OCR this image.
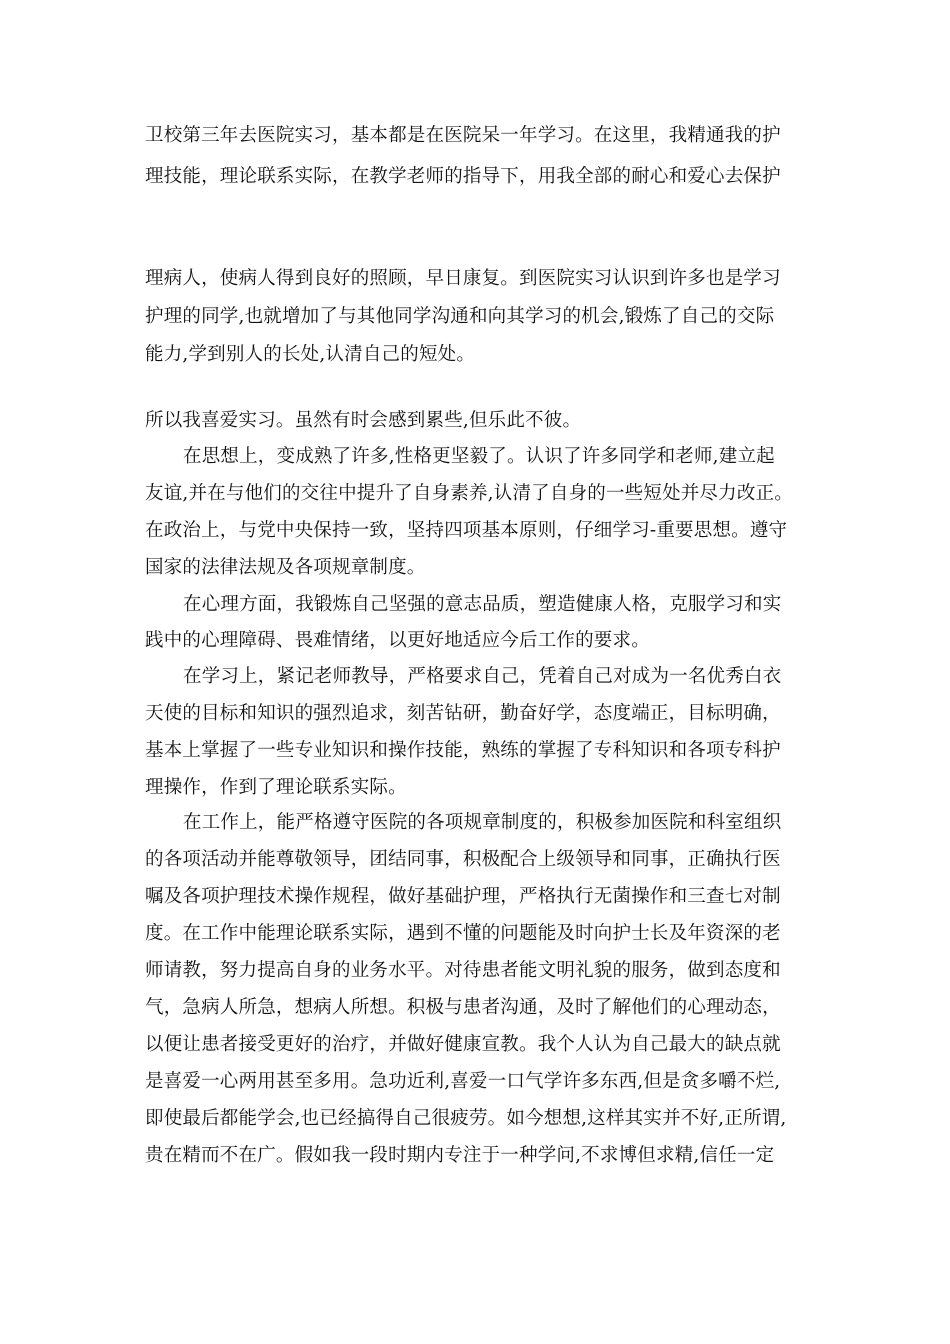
卫校第三年去医院实习，基本都是在医院呆一年学习。在这里，我精通我的护
理技能，理论联系实际，在教学老师的指导下，用我全部的耐心和爱心去保护
理病人，使病人得到良好的照顾，早日康复。到医院实习认识到许多也是学习
护理的同学,也就增加了与其他同学沟通和向其学习的机会,锻炼了自己的交际
能力,学到别人的长处,认清自己的短处。
所以我喜爱实习。虽然有时会感到累些,但乐此不彼。
在思想上，变成熟了许多,性格更坚毅了。认识了许多同学和老师,建立起
友谊,并在与他们的交往中提升了自身素养,认清了自身的一些短处并尽力改正。
在政治上，与党中央保持一致，坚持四项基本原则，仔细学习-重要思想。遵守
国家的法律法规及各项规章制度。
在心理方面，我锻炼自己坚强的意志品质，塑造健康人格，克服学习和实
践中的心理障碍、畏难情绪，以更好地适应今后工作的要求。
在学习上，紧记老师教导，严格要求自己，凭着自己对成为一名优秀白衣
天使的目标和知识的强烈追求，刻苦钻研，勤奋好学，态度端正，目标明确，
基本上掌握了一些专业知识和操作技能，熟练的掌握了专科知识和各项专科护
理操作，作到了理论联系实际。
在工作上，能严格遵守医院的各项规章制度的，积极参加医院和科室组织
的各项活动并能尊敬领导，团结同事，积极配合上级领导和同事，正确执行医
嘱及各项护理技术操作规程，做好基础护理，严格执行无菌操作和三查七对制
度。在工作中能理论联系实际，遇到不懂的问题能及时向护士长及年资深的老
师请教，努力提高自身的业务水平。对待患者能文明礼貌的服务，做到态度和
气，急病人所急，想病人所想。积极与患者沟通，及时了解他们的心理动态，
以便让患者接受更好的治疗，并做好健康宣教。我个人认为自己最大的缺点就
是喜爱一心两用甚至多用。急功近利,喜爱一口气学许多东西,但是贪多嚼不烂,
即使最后都能学会,也已经搞得自己很疲劳。如今想想,这样其实并不好,正所谓,
贵在精而不在广。假如我一段时期内专注于一种学问,不求博但求精,信任一定
